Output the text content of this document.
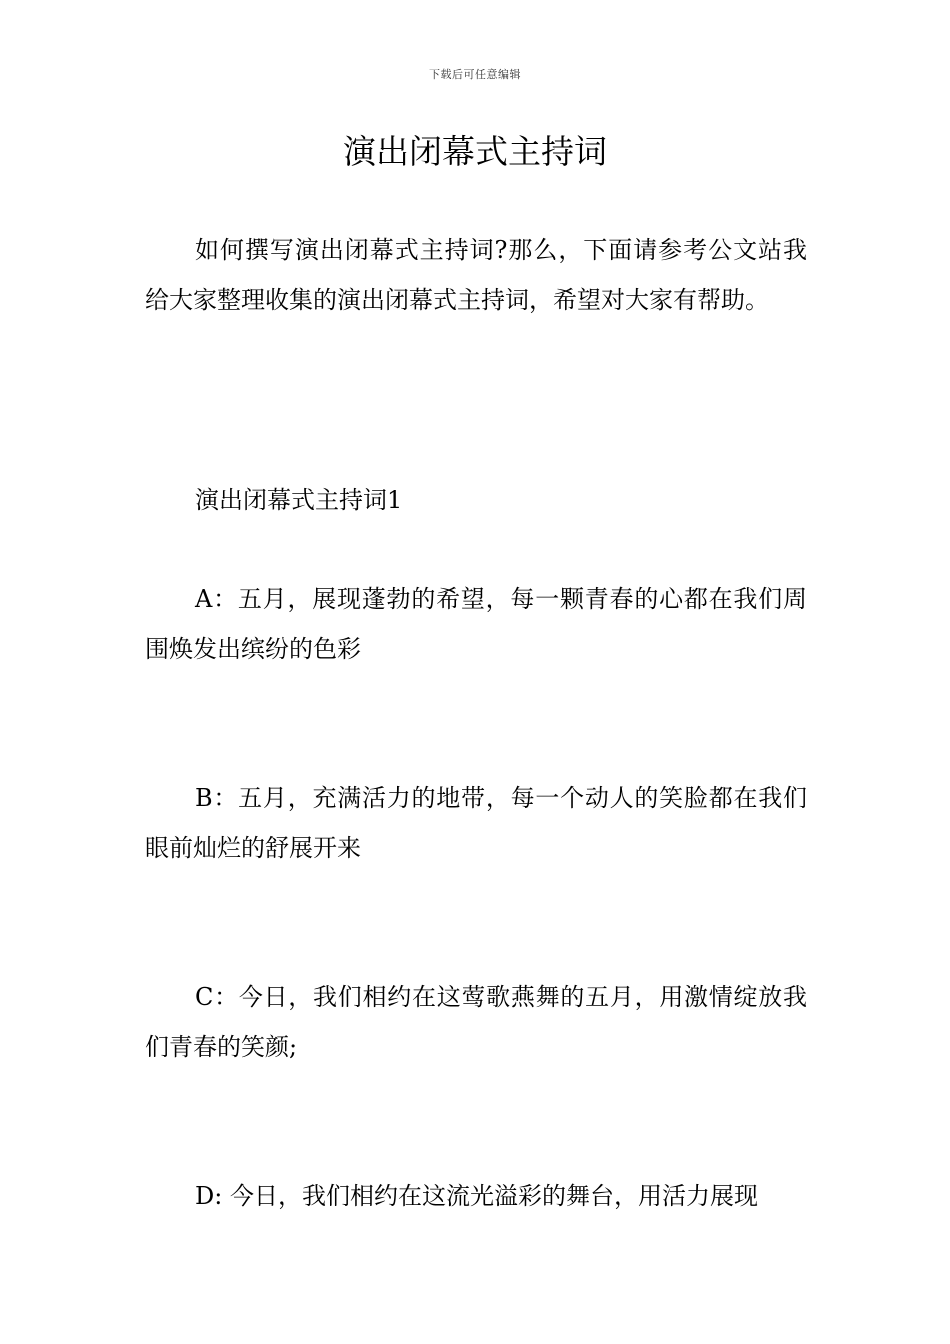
下载后可任意编辑
演出闭幕式主持词

如何撰写演出闭幕式主持词?那么，下面请参考公文站我给大家整理收集的演出闭幕式主持词，希望对大家有帮助。

演出闭幕式主持词1

A：五月，展现蓬勃的希望，每一颗青春的心都在我们周围焕发出缤纷的色彩

B：五月，充满活力的地带，每一个动人的笑脸都在我们眼前灿烂的舒展开来

C：今日，我们相约在这莺歌燕舞的五月，用激情绽放我们青春的笑颜;

D: 今日，我们相约在这流光溢彩的舞台，用活力展现
